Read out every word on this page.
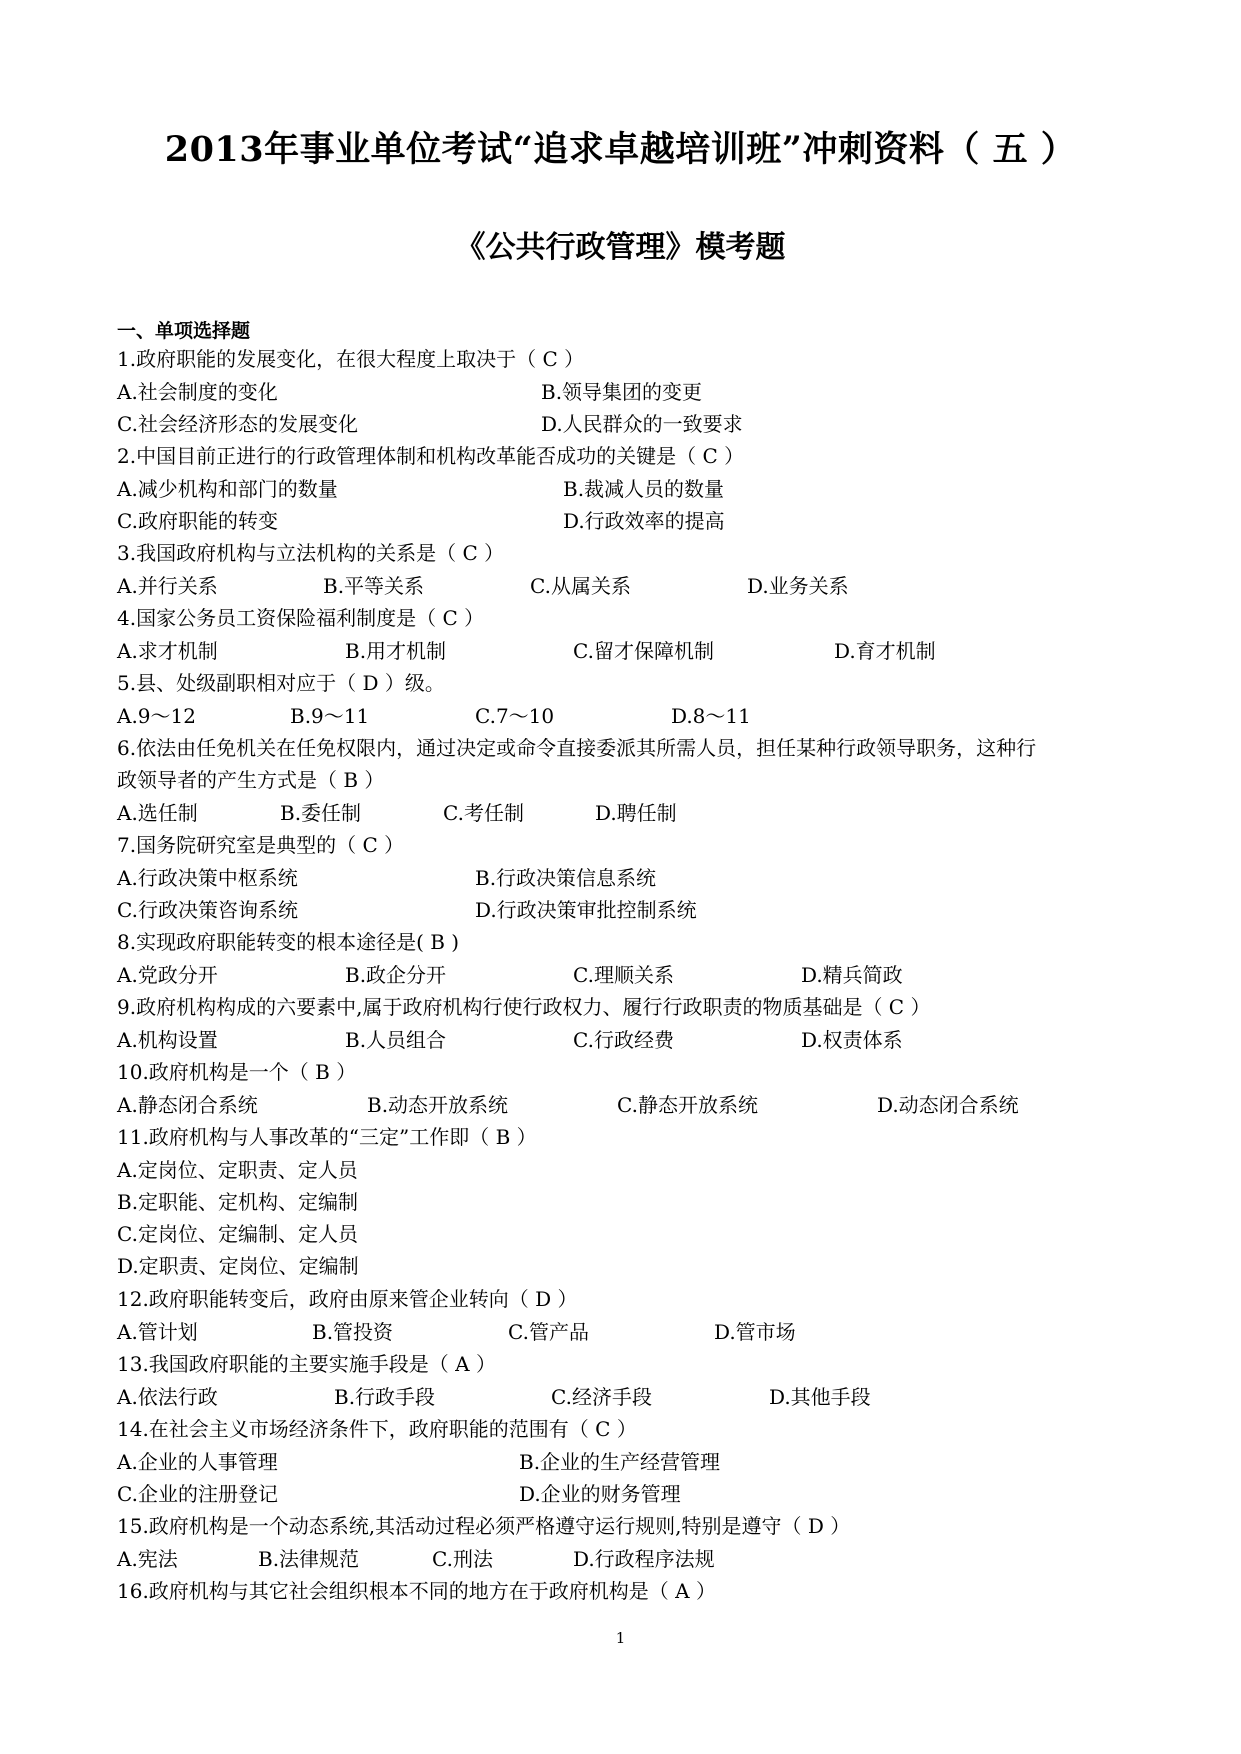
2013年事业单位考试“追求卓越培训班”冲刺资料（ 五 ）
《公共行政管理》模考题
一、单项选择题
1.政府职能的发展变化，在很大程度上取决于（ C ）
A.社会制度的变化	B.领导集团的变更
C.社会经济形态的发展变化	D.人民群众的一致要求
2.中国目前正进行的行政管理体制和机构改革能否成功的关键是（ C ）
A.减少机构和部门的数量	B.裁减人员的数量
C.政府职能的转变	D.行政效率的提高
3.我国政府机构与立法机构的关系是（ C ）
A.并行关系	B.平等关系	C.从属关系	D.业务关系
4.国家公务员工资保险福利制度是（ C ）
A.求才机制	B.用才机制	C.留才保障机制	D.育才机制
5.县、处级副职相对应于（ D ）级。
A.9～12	B.9～11	C.7～10	D.8～11
6.依法由任免机关在任免权限内，通过决定或命令直接委派其所需人员，担任某种行政领导职务，这种行
政领导者的产生方式是（ B ）
A.选任制	B.委任制	C.考任制	D.聘任制
7.国务院研究室是典型的（ C ）
A.行政决策中枢系统	B.行政决策信息系统
C.行政决策咨询系统	D.行政决策审批控制系统
8.实现政府职能转变的根本途径是( B )
A.党政分开	B.政企分开	C.理顺关系	D.精兵简政
9.政府机构构成的六要素中,属于政府机构行使行政权力、履行行政职责的物质基础是（ C ）
A.机构设置	B.人员组合	C.行政经费	D.权责体系
10.政府机构是一个（ B ）
A.静态闭合系统	B.动态开放系统	C.静态开放系统	D.动态闭合系统
11.政府机构与人事改革的“三定”工作即（ B ）
A.定岗位、定职责、定人员
B.定职能、定机构、定编制
C.定岗位、定编制、定人员
D.定职责、定岗位、定编制
12.政府职能转变后，政府由原来管企业转向（ D ）
A.管计划	B.管投资	C.管产品	D.管市场
13.我国政府职能的主要实施手段是（ A ）
A.依法行政	B.行政手段	C.经济手段	D.其他手段
14.在社会主义市场经济条件下，政府职能的范围有（ C ）
A.企业的人事管理	B.企业的生产经营管理
C.企业的注册登记	D.企业的财务管理
15.政府机构是一个动态系统,其活动过程必须严格遵守运行规则,特别是遵守（ D ）
A.宪法	B.法律规范	C.刑法	D.行政程序法规
16.政府机构与其它社会组织根本不同的地方在于政府机构是（ A ）
1
